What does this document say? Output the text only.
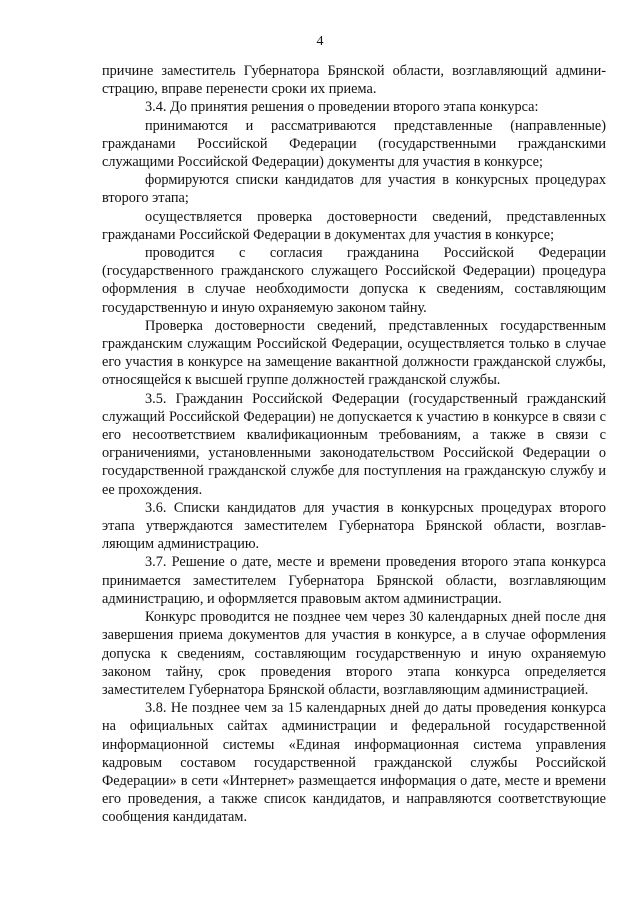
4

причине заместитель Губернатора Брянской области, возглавляющий администрацию, вправе перенести сроки их приема.

3.4. До принятия решения о проведении второго этапа конкурса:

принимаются и рассматриваются представленные (направленные) гражданами Российской Федерации (государственными гражданскими служащими Российской Федерации) документы для участия в конкурсе;

формируются списки кандидатов для участия в конкурсных процедурах второго этапа;

осуществляется проверка достоверности сведений, представленных гражданами Российской Федерации в документах для участия в конкурсе;

проводится с согласия гражданина Российской Федерации (государственного гражданского служащего Российской Федерации) процедура оформления в случае необходимости допуска к сведениям, составляющим государственную и иную охраняемую законом тайну.

Проверка достоверности сведений, представленных государственным гражданским служащим Российской Федерации, осуществляется только в случае его участия в конкурсе на замещение вакантной должности гражданской службы, относящейся к высшей группе должностей гражданской службы.

3.5. Гражданин Российской Федерации (государственный гражданский служащий Российской Федерации) не допускается к участию в конкурсе в связи с его несоответствием квалификационным требованиям, а также в связи с ограничениями, установленными законодательством Российской Федерации о государственной гражданской службе для поступления на гражданскую службу и ее прохождения.

3.6. Списки кандидатов для участия в конкурсных процедурах второго этапа утверждаются заместителем Губернатора Брянской области, возглавляющим администрацию.

3.7. Решение о дате, месте и времени проведения второго этапа конкурса принимается заместителем Губернатора Брянской области, возглавляющим администрацию, и оформляется правовым актом администрации.

Конкурс проводится не позднее чем через 30 календарных дней после дня завершения приема документов для участия в конкурсе, а в случае оформления допуска к сведениям, составляющим государственную и иную охраняемую законом тайну, срок проведения второго этапа конкурса определяется заместителем Губернатора Брянской области, возглавляющим администрацией.

3.8. Не позднее чем за 15 календарных дней до даты проведения конкурса на официальных сайтах администрации и федеральной государственной информационной системы «Единая информационная система управления кадровым составом государственной гражданской службы Российской Федерации» в сети «Интернет» размещается информация о дате, месте и времени его проведения, а также список кандидатов, и направляются соответствующие сообщения кандидатам.
